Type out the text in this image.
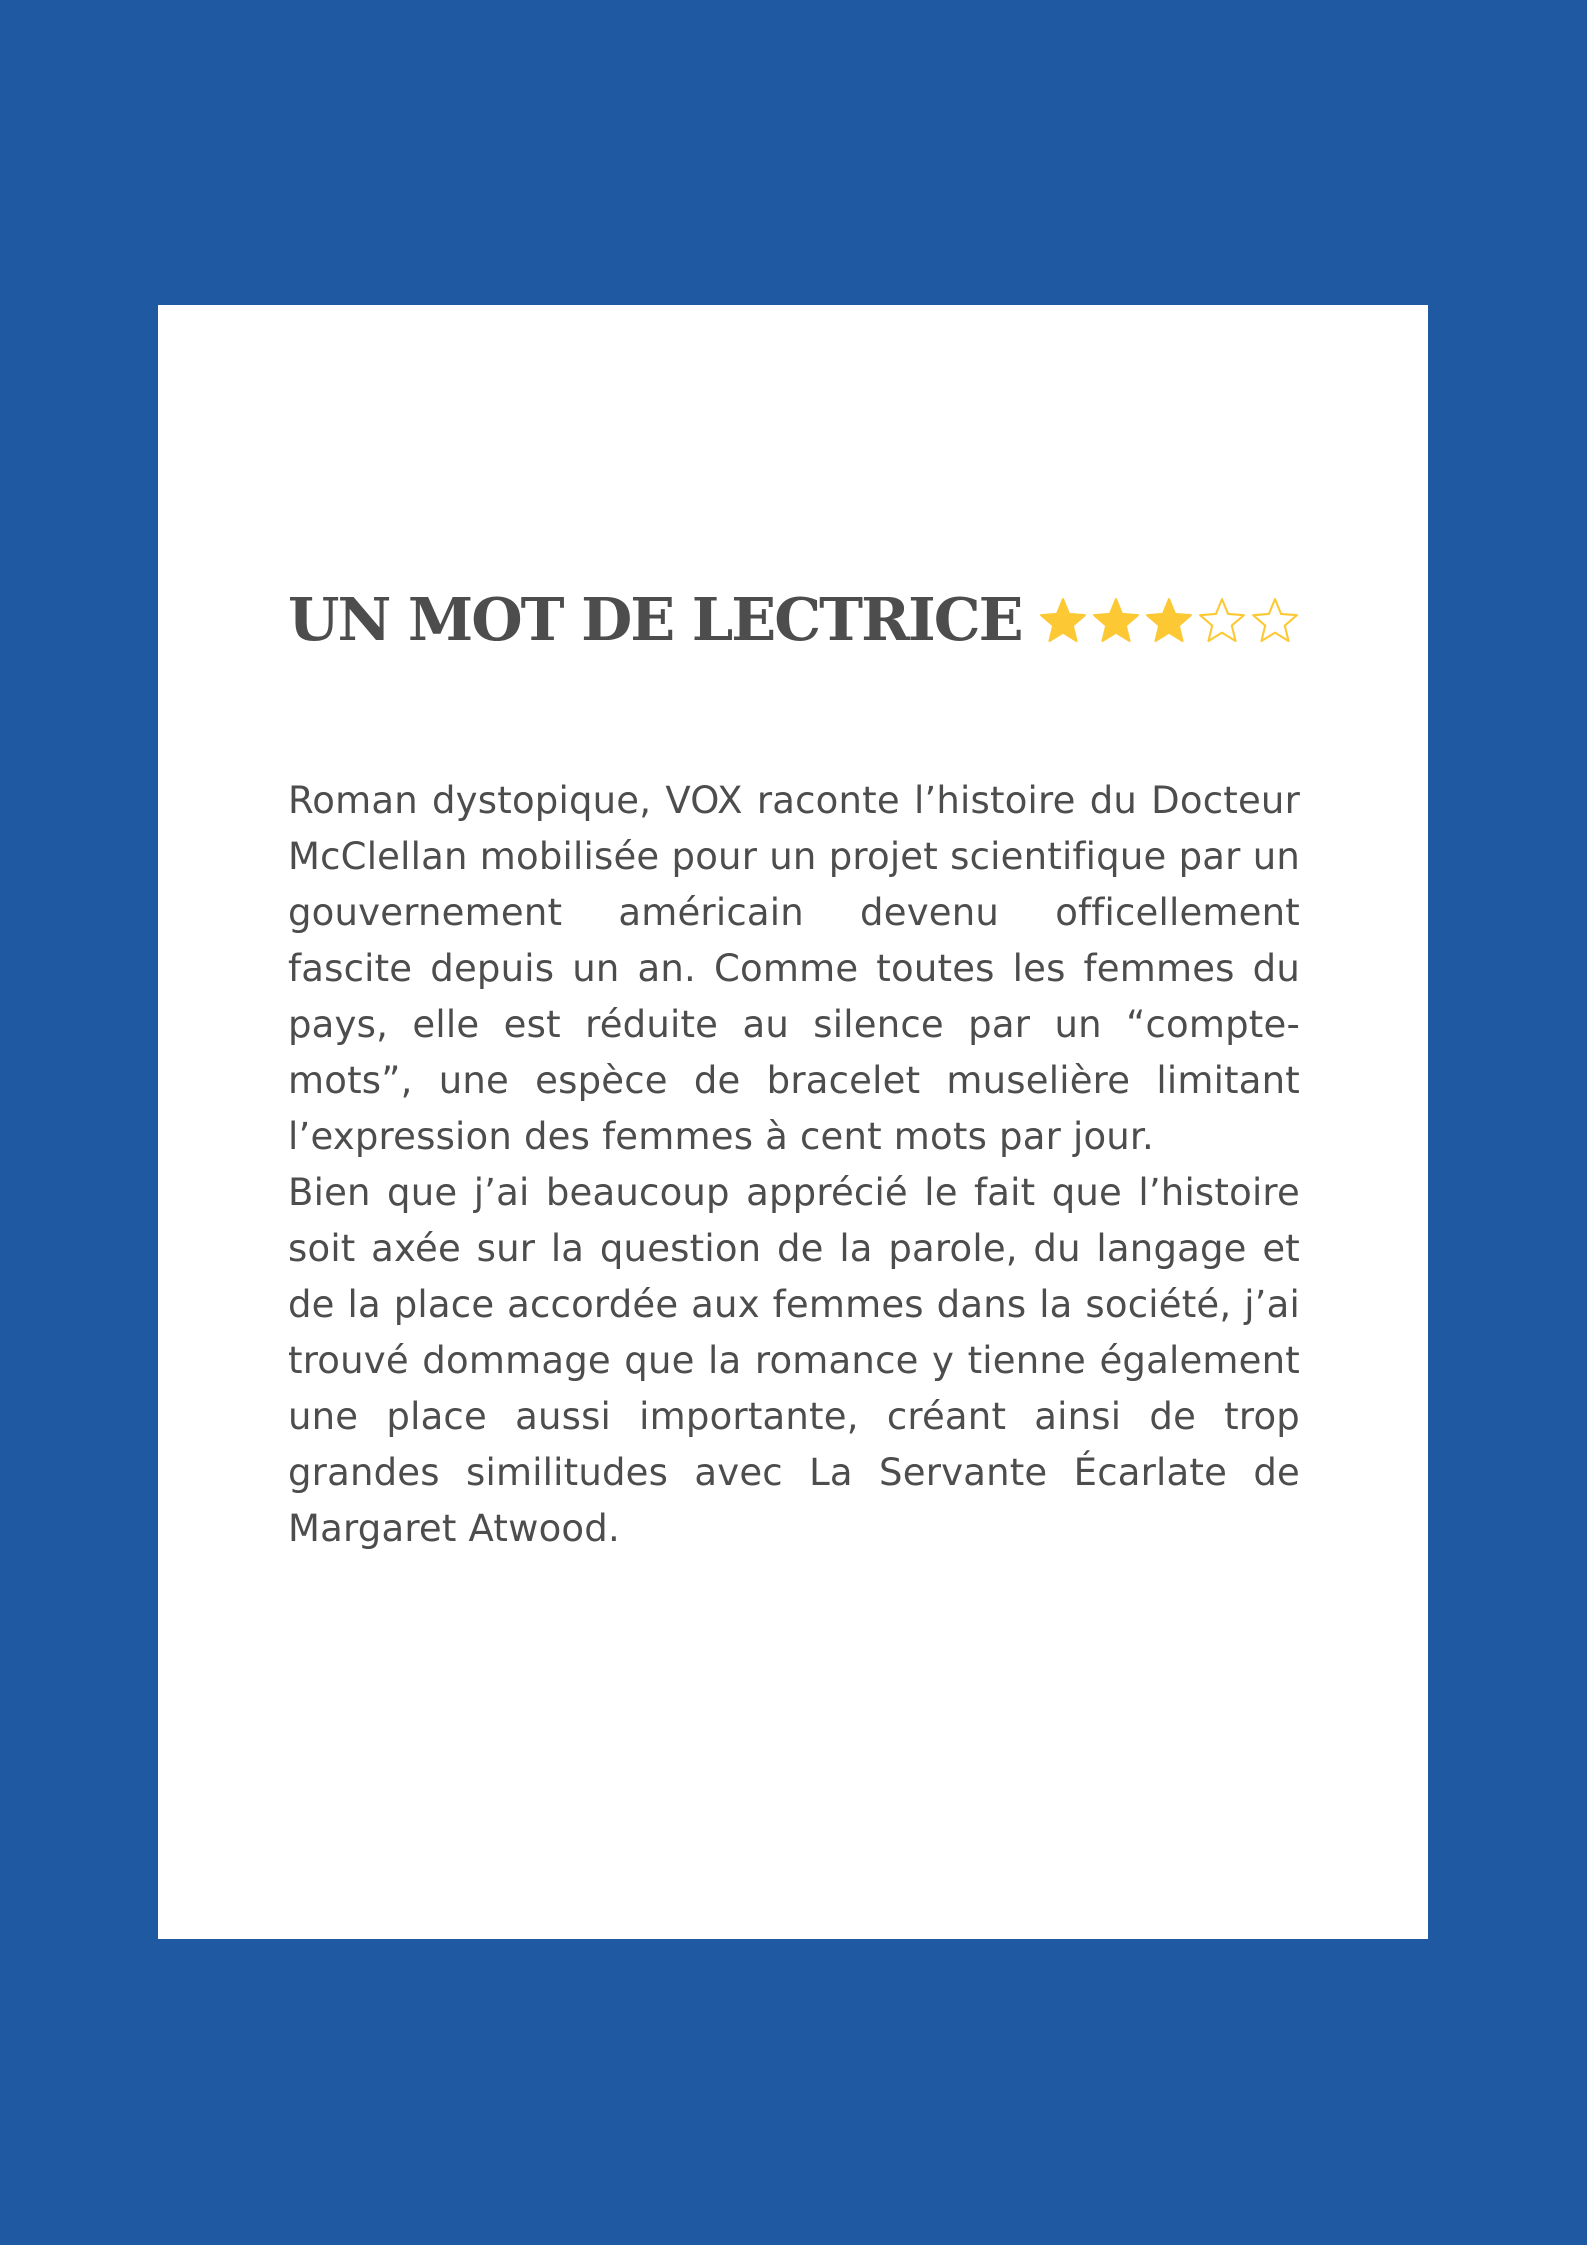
UN MOT DE LECTRICE

Roman dystopique, VOX raconte l’histoire du Docteur McClellan mobilisée pour un projet scientifique par un gouvernement américain devenu officellement fascite depuis un an. Comme toutes les femmes du pays, elle est réduite au silence par un “compte-mots”, une espèce de bracelet muselière limitant l’expression des femmes à cent mots par jour.

Bien que j’ai beaucoup apprécié le fait que l’histoire soit axée sur la question de la parole, du langage et de la place accordée aux femmes dans la société, j’ai trouvé dommage que la romance y tienne également une place aussi importante, créant ainsi de trop grandes similitudes avec La Servante Écarlate de Margaret Atwood.
